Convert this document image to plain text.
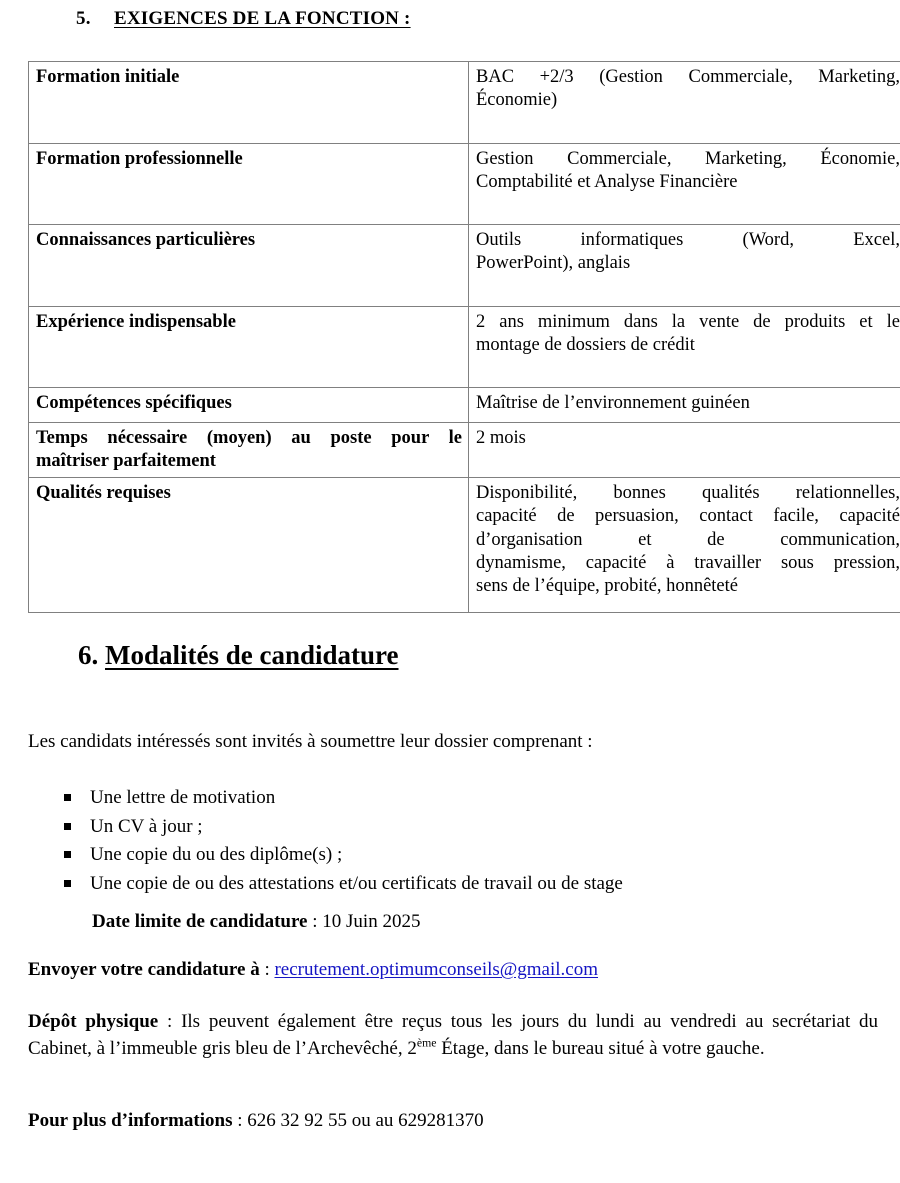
5. EXIGENCES DE LA FONCTION :
Formation initiale	BAC +2/3 (Gestion Commerciale, Marketing,
Économie)

Formation professionnelle	Gestion Commerciale, Marketing, Économie,
Comptabilité et Analyse Financière

Connaissances particulières	Outils informatiques (Word, Excel,
PowerPoint), anglais

Expérience indispensable	2 ans minimum dans la vente de produits et le
montage de dossiers de crédit

Compétences spécifiques	Maîtrise de l’environnement guinéen

Temps nécessaire (moyen) au poste pour le
maîtriser parfaitement	2 mois

Qualités requises	Disponibilité, bonnes qualités relationnelles,
capacité de persuasion, contact facile, capacité
d’organisation et de communication,
dynamisme, capacité à travailler sous pression,
sens de l’équipe, probité, honnêteté
6. Modalités de candidature
Les candidats intéressés sont invités à soumettre leur dossier comprenant :
Une lettre de motivation
Un CV à jour ;
Une copie du ou des diplôme(s) ;
Une copie de ou des attestations et/ou certificats de travail ou de stage
Date limite de candidature : 10 Juin 2025
Envoyer votre candidature à : recrutement.optimumconseils@gmail.com
Dépôt physique : Ils peuvent également être reçus tous les jours du lundi au vendredi au secrétariat du Cabinet, à l’immeuble gris bleu de l’Archevêché, 2ème Étage, dans le bureau situé à votre gauche.
Pour plus d’informations : 626 32 92 55 ou au 629281370
